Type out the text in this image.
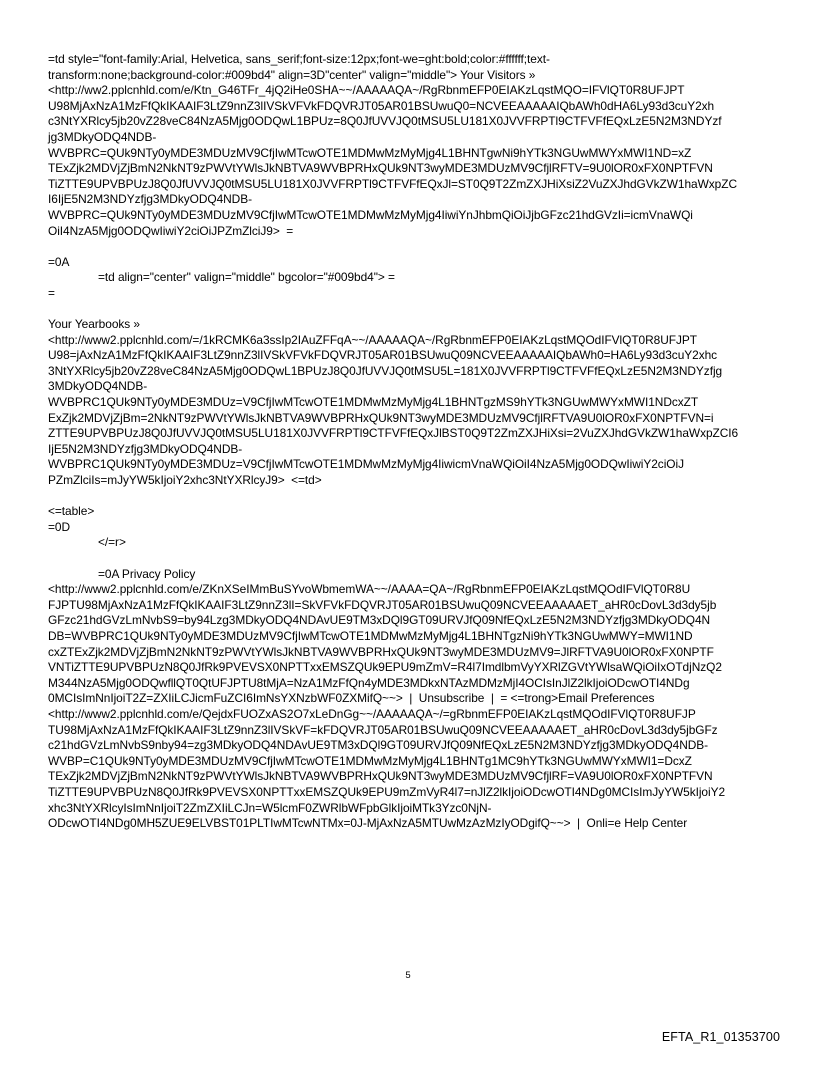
=td style="font-family:Arial, Helvetica, sans_serif;font-size:12px;font-we=ght:bold;color:#ffffff;text-
transform:none;background-color:#009bd4" align=3D"center" valign="middle"> Your Visitors »
<http://ww2.pplcnhld.com/e/Ktn_G46TFr_4jQ2iHe0SHA~~/AAAAAQA~/RgRbnmEFP0EIAKzLqstMQO=IFVlQT0R8UFJPT
U98MjAxNzA1MzFfQkIKAAIF3LtZ9nnZ3lIVSkVFVkFDQVRJT05AR01BSUwuQ0=NCVEEAAAAAIQbAWh0dHA6Ly93d3cuY2xh
c3NtYXRlcy5jb20vZ28veC84NzA5Mjg0ODQwL1BPUz=8Q0JfUVVJQ0tMSU5LU181X0JVVFRPTl9CTFVFfEQxLzE5N2M3NDYzf
jg3MDkyODQ4NDB-
WVBPRC=QUk9NTy0yMDE3MDUzMV9CfjIwMTcwOTE1MDMwMzMyMjg4L1BHNTgwNi9hYTk3NGUwMWYxMWI1ND=xZ
TExZjk2MDVjZjBmN2NkNT9zPWVtYWlsJkNBTVA9WVBPRHxQUk9NT3wyMDE3MDUzMV9CfjlRFTV=9U0lOR0xFX0NPTFVN
TiZTTE9UPVBPUzJ8Q0JfUVVJQ0tMSU5LU181X0JVVFRPTl9CTFVFfEQxJl=ST0Q9T2ZmZXJHiXsiZ2VuZXJhdGVkZW1haWxpZC
I6IjE5N2M3NDYzfjg3MDkyODQ4NDB-
WVBPRC=QUk9NTy0yMDE3MDUzMV9CfjIwMTcwOTE1MDMwMzMyMjg4IiwiYnJhbmQiOiJjbGFzc21hdGVzIi=icmVnaWQi
OiI4NzA5Mjg0ODQwIiwiY2ciOiJPZmZlciJ9>  =
=0A
=td align="center" valign="middle" bgcolor="#009bd4"> =
=
Your Yearbooks »
<http://www2.pplcnhld.com/=/1kRCMK6a3ssIp2IAuZFFqA~~/AAAAAQA~/RgRbnmEFP0EIAKzLqstMQOdIFVlQT0R8UFJPT
U98=jAxNzA1MzFfQkIKAAIF3LtZ9nnZ3lIVSkVFVkFDQVRJT05AR01BSUwuQ09NCVEEAAAAAIQbAWh0=HA6Ly93d3cuY2xhc
3NtYXRlcy5jb20vZ28veC84NzA5Mjg0ODQwL1BPUzJ8Q0JfUVVJQ0tMSU5L=181X0JVVFRPTl9CTFVFfEQxLzE5N2M3NDYzfjg
3MDkyODQ4NDB-
WVBPRC1QUk9NTy0yMDE3MDUz=V9CfjIwMTcwOTE1MDMwMzMyMjg4L1BHNTgzMS9hYTk3NGUwMWYxMWI1NDcxZT
ExZjk2MDVjZjBm=2NkNT9zPWVtYWlsJkNBTVA9WVBPRHxQUk9NT3wyMDE3MDUzMV9CfjlRFTVA9U0lOR0xFX0NPTFVN=i
ZTTE9UPVBPUzJ8Q0JfUVVJQ0tMSU5LU181X0JVVFRPTl9CTFVFfEQxJlBST0Q9T2ZmZXJHiXsi=2VuZXJhdGVkZW1haWxpZCI6
IjE5N2M3NDYzfjg3MDkyODQ4NDB-
WVBPRC1QUk9NTy0yMDE3MDUz=V9CfjIwMTcwOTE1MDMwMzMyMjg4IiwicmVnaWQiOiI4NzA5Mjg0ODQwIiwiY2ciOiJ
PZmZlciIs=mJyYW5kIjoiY2xhc3NtYXRlcyJ9>  <=td>
<=table>
=0D
</=r>
=0A Privacy Policy
<http://www2.pplcnhld.com/e/ZKnXSeIMmBuSYvoWbmemWA~~/AAAA=QA~/RgRbnmEFP0EIAKzLqstMQOdIFVlQT0R8U
FJPTU98MjAxNzA1MzFfQkIKAAIF3LtZ9nnZ3lI=SkVFVkFDQVRJT05AR01BSUwuQ09NCVEEAAAAAET_aHR0cDovL3d3dy5jb
GFzc21hdGVzLmNvbS9=by94Lzg3MDkyODQ4NDAvUE9TM3xDQl9GT09URVJfQ09NfEQxLzE5N2M3NDYzfjg3MDkyODQ4N
DB=WVBPRC1QUk9NTy0yMDE3MDUzMV9CfjIwMTcwOTE1MDMwMzMyMjg4L1BHNTgzNi9hYTk3NGUwMWY=MWI1ND
cxZTExZjk2MDVjZjBmN2NkNT9zPWVtYWlsJkNBTVA9WVBPRHxQUk9NT3wyMDE3MDUzMV9=JlRFTVA9U0lOR0xFX0NPTF
VNTiZTTE9UPVBPUzN8Q0JfRk9PVEVSX0NPTTxxEMSZQUk9EPU9mZmV=R4l7ImdlbmVyYXRlZGVtYWlsaWQiOiIxOTdjNzQ2
M344NzA5Mjg0ODQwfllQT0QtUFJPTU8tMjA=NzA1MzFfQn4yMDE3MDkxNTAzMDMzMjI4OCIsInJlZ2lkIjoiODcwOTI4NDg
0MCIsImNnIjoiT2Z=ZXIiLCJicmFuZCI6ImNsYXNzbWF0ZXMifQ~~>  |  Unsubscribe  |  = <=trong>Email Preferences
<http://www2.pplcnhld.com/e/QejdxFUOZxAS2O7xLeDnGg~~/AAAAAQA~/=gRbnmEFP0EIAKzLqstMQOdIFVlQT0R8UFJP
TU98MjAxNzA1MzFfQkIKAAIF3LtZ9nnZ3lIVSkVF=kFDQVRJT05AR01BSUwuQ09NCVEEAAAAAET_aHR0cDovL3d3dy5jbGFz
c21hdGVzLmNvbS9nby94=zg3MDkyODQ4NDAvUE9TM3xDQl9GT09URVJfQ09NfEQxLzE5N2M3NDYzfjg3MDkyODQ4NDB-
WVBP=C1QUk9NTy0yMDE3MDUzMV9CfjIwMTcwOTE1MDMwMzMyMjg4L1BHNTg1MC9hYTk3NGUwMWYxMWI1=DcxZ
TExZjk2MDVjZjBmN2NkNT9zPWVtYWlsJkNBTVA9WVBPRHxQUk9NT3wyMDE3MDUzMV9CfjlRF=VA9U0lOR0xFX0NPTFVN
TiZTTE9UPVBPUzN8Q0JfRk9PVEVSX0NPTTxxEMSZQUk9EPU9mZmVyR4l7=nJlZ2lkIjoiODcwOTI4NDg0MCIsImJyYW5kIjoiY2
xhc3NtYXRlcyIsImNnIjoiT2ZmZXIiLCJn=W5lcmF0ZWRlbWFpbGlkIjoiMTk3Yzc0NjN-
ODcwOTI4NDg0MH5ZUE9ELVBST01PLTIwMTcwNTMx=0J-MjAxNzA5MTUwMzAzMzIyODgifQ~~>  |  Onli=e Help Center
5
EFTA_R1_01353700
